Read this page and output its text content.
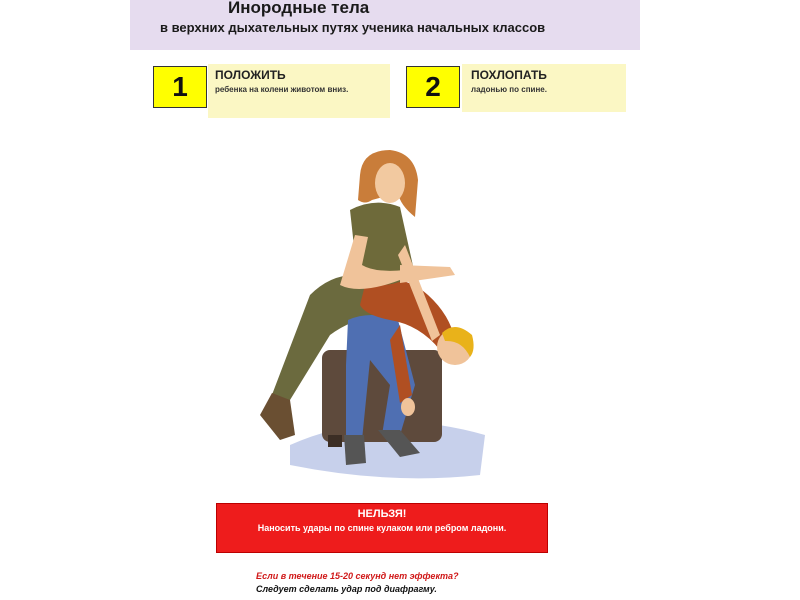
Инородные тела
в верхних дыхательных путях ученика начальных классов
1	ПОЛОЖИТЬ
ребенка на колени животом вниз.	2	ПОХЛОПАТЬ
ладонью по спине.
НЕЛЬЗЯ!
Наносить удары по спине кулаком или ребром ладони.
Если в течение 15-20 секунд нет эффекта?
Следует сделать удар под диафрагму.
